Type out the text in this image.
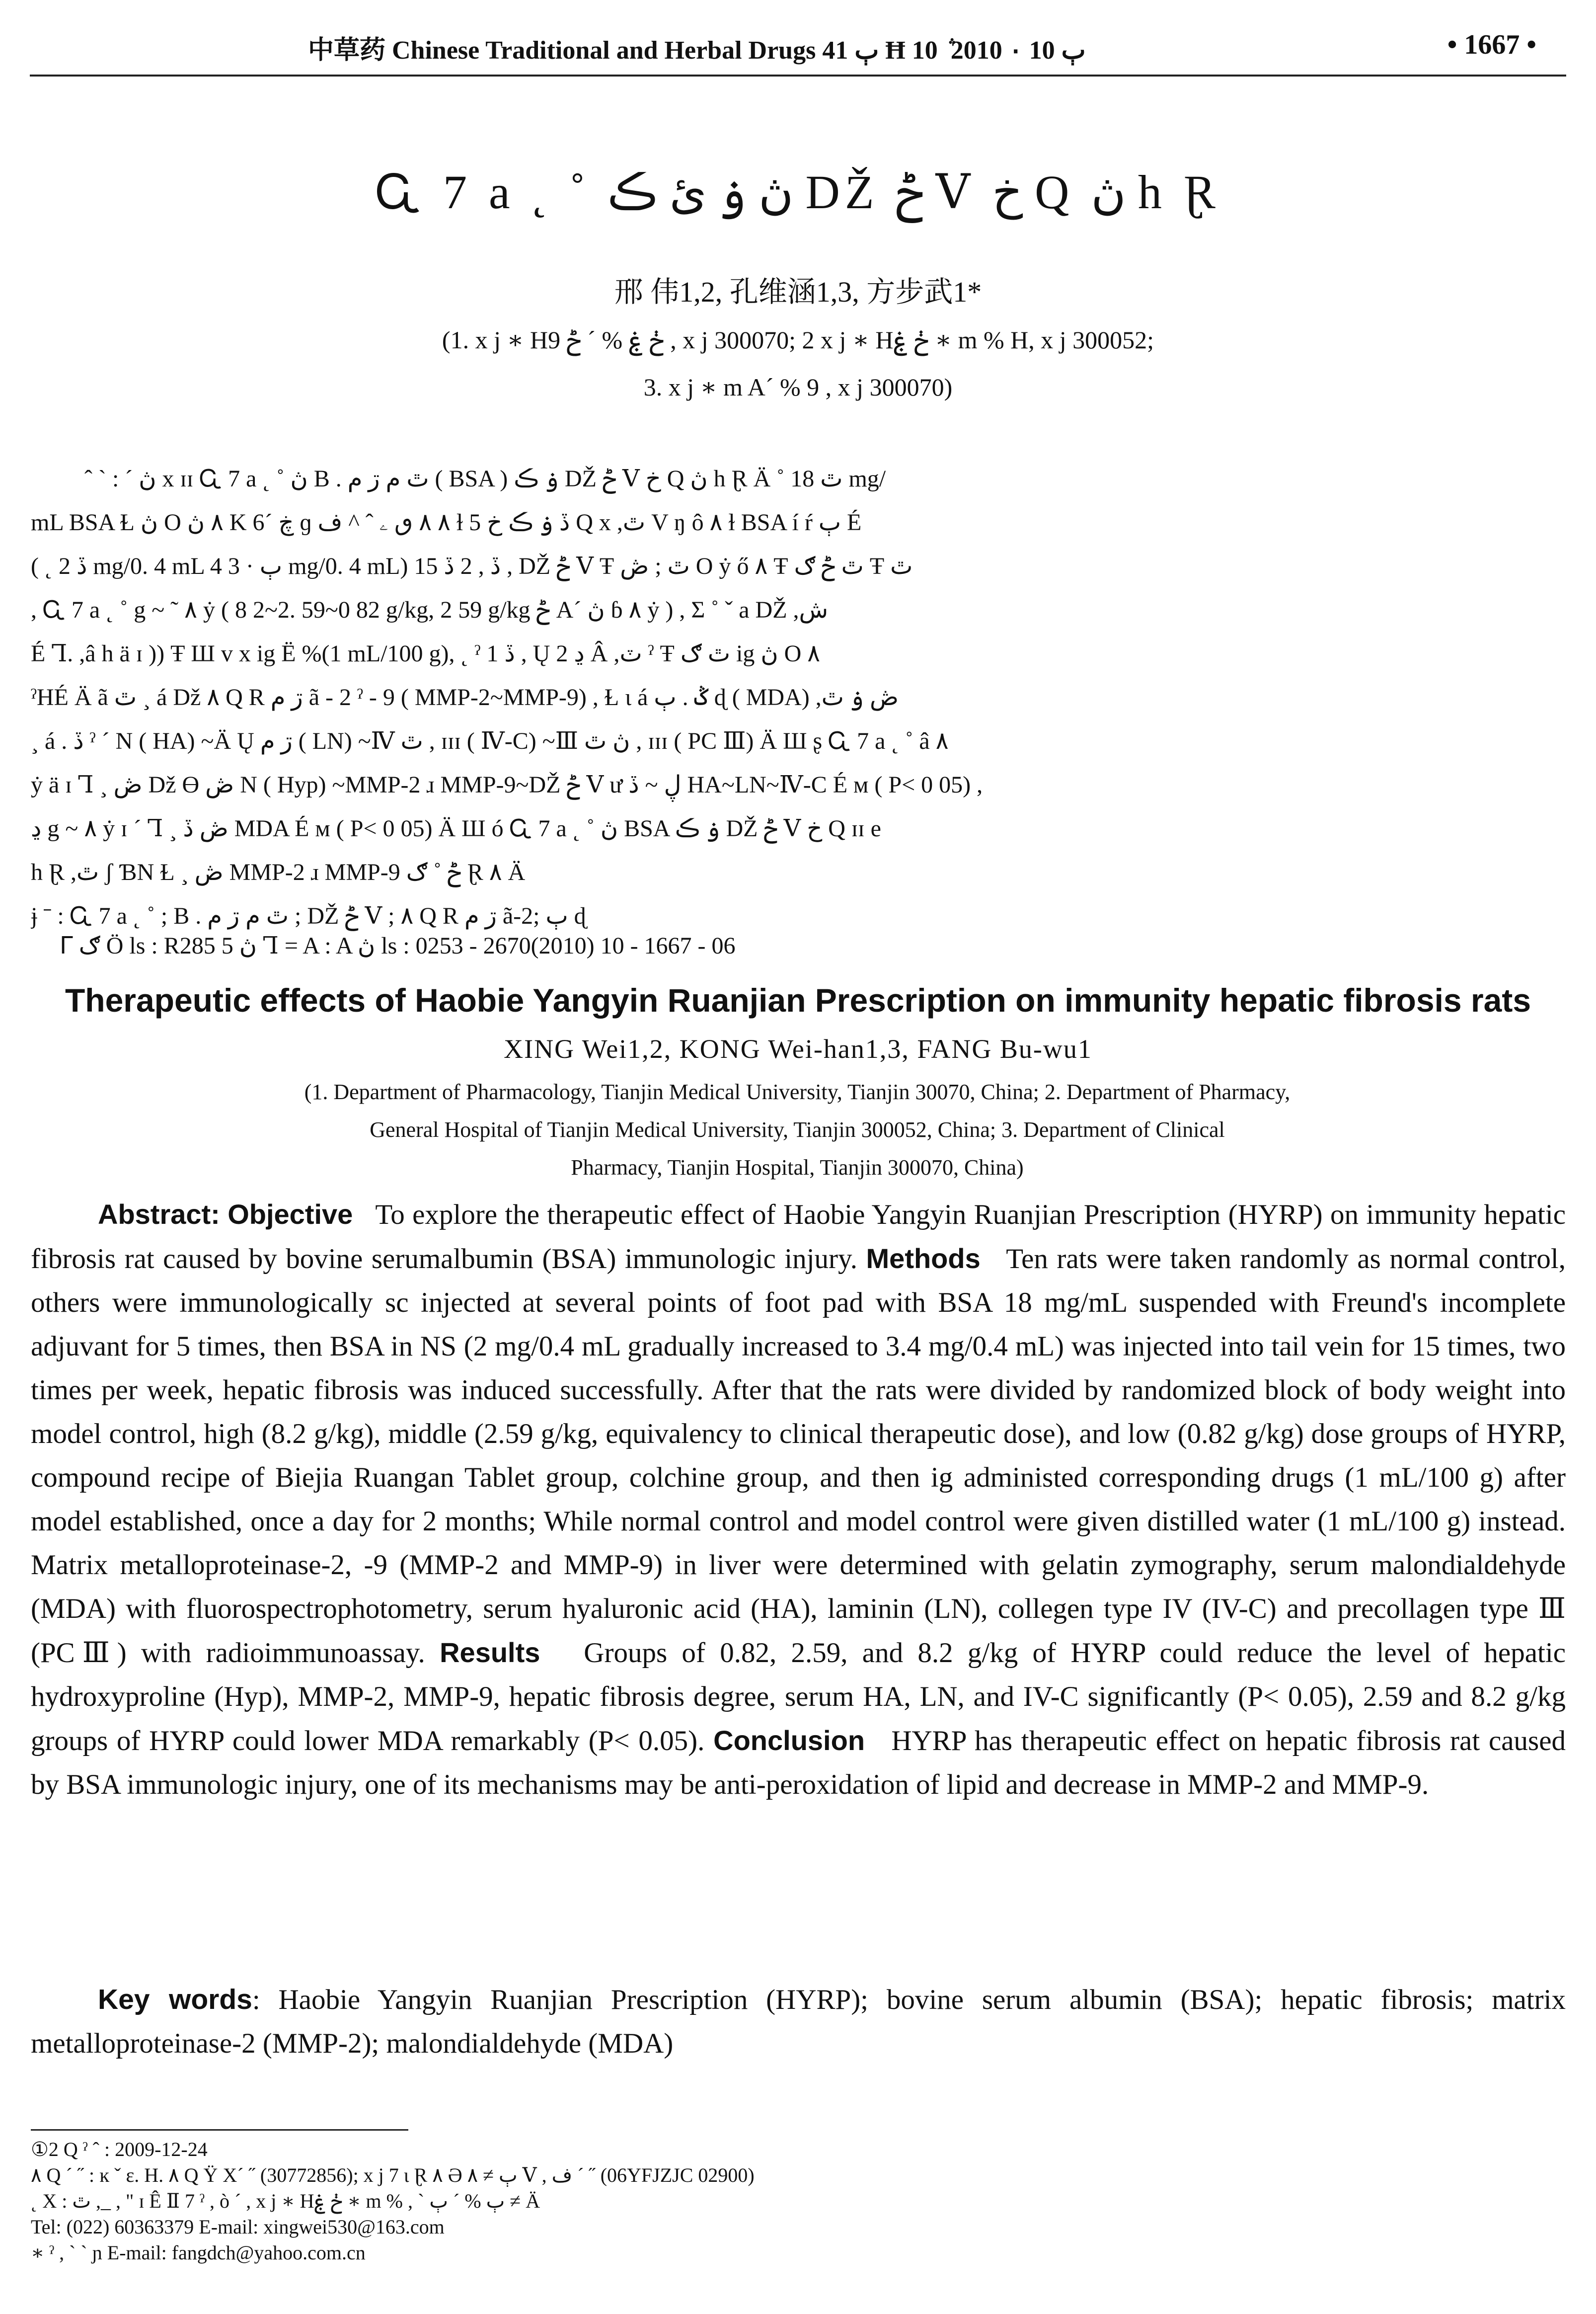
中草药 Chinese Traditional and Herbal Drugs ٻ 41 Ħ ٻ 10 ۰ 2010 ݅ 10	• 1667 •
Ꮹ 7 a ˛ ˚ ڽ ۏ ئ ڪ DŽ ݲ Ⅴ خ Q ڽ h Ɽ
邢 伟1,2, 孔维涵1,3, 方步武1*
(1. x j ∗ Hڂ ۼ % ´ ݲ 9 , x j 300070; 2 x j ∗ Hڂ ۼ ∗ m % H, x j 300052;
3. x j ∗ m A´ % 9 , x j 300070)
ˆ ` : ´ ڽ x ɪɪ Ꮹ 7 a ˛ ˚ ڽ B . ٿ م ڗ م ( BSA ) ۏ ڪ DŽ ݲ Ⅴ خ Q ڽ h Ɽ Ä ˚ ٿ 18 mg/
mL BSA Ɫ ڽ O ٨ ڽ K 6´ ڿ ɡ ٨ ٨ ٯ ۦ ˆ ^ ف ɫ 5 ڏ ۏ ڪ خ Q x ,ٿ V ŋ ô ٨ ɫ BSA í ŕ ٻ É
( ˛ ڏ 2 mg/0. 4 mL ٻ · 3 4 mg/0. 4 mL) 15 ڏ , 2 ڏ , DŽ ݲ Ⅴ Ŧ ٿ ; ڞ O ẏ ő ٨ Ŧ ٿ ݲ ګ Ŧ ٿ
, Ꮹ 7 a ˛ ˚ g ~ ˜ ٨ ẏ ( 8 2~2. 59~0 82 g/kg, 2 59 g/kg ݲ A´ ڽ ɓ ٨ ẏ ) , Σ ˚ ˇ a DŽ ,ش
É Ꞁ. ,â h ä ɪ )) Ŧ Ш v x ig Ë %(1 mL/100 g), ˛ ˀ 1 ڏ , Ų ڍ 2 Â ,ٽ ˀ Ŧ ٿ ګ ig ڽ O ٨
ˀHÉ Ä ã ٿ ¸ á Dž ٨ Q R ڗ م ã - 2 ˀ - 9 ( MMP-2~MMP-9) , Ɫ ɩ á ݣ . ٻ ɖ ( MDA) ,ڞ ۏ ٿ
¸ á . ڏ ˀ ´ N ( HA) ~Ä Ų ڗ م ( LN) ~Ⅳ ٿ , ɪɪɪ ( Ⅳ-C) ~Ⅲ ڽ ٿ , ɪɪɪ ( PC Ⅲ) Ä Ш ʂ Ꮹ 7 a ˛ ˚ â ٨
ẏ ä ɪ Ꞁ ¸ ڞ Dž Ɵ ڞ N ( Hyp) ~MMP-2 ɹ MMP-9~DŽ ݲ Ⅴ ư ڸ ~ ڏ HA~LN~Ⅳ-C É м ( P< 0 05) ,
ڍ g ~ ٨ ẏ ɪ ´ Ꞁ ¸ ڞ ڏ MDA É м ( P< 0 05) Ä Ш ó Ꮹ 7 a ˛ ˚ ڽ BSA ۏ ڪ DŽ ݲ Ⅴ خ Q ɪɪ e
h Ɽ ,ٿ ʃ ƁN Ɫ ¸ ڞ MMP-2 ɹ MMP-9 ݲ ˚ ګ Ɽ ٨ Ä
ɉ ˉ : Ꮹ 7 a ˛ ˚ ; B . ٿ م ڗ م ; DŽ ݲ Ⅴ ; ٨ Q R ڗ م ã-2; ٻ ɖ
ᒥ ګ Ö ls : R285 5 ڽ Ꞁ = A : A ڽ ls : 0253 - 2670(2010) 10 - 1667 - 06
Therapeutic effects of Haobie Yangyin Ruanjian Prescription on immunity hepatic fibrosis rats
XING Wei1,2, KONG Wei-han1,3, FANG Bu-wu1
(1. Department of Pharmacology, Tianjin Medical University, Tianjin 30070, China; 2. Department of Pharmacy,
General Hospital of Tianjin Medical University, Tianjin 300052, China; 3. Department of Clinical
Pharmacy, Tianjin Hospital, Tianjin 300070, China)
Abstract: Objective To explore the therapeutic effect of Haobie Yangyin Ruanjian Prescription (HYRP) on immunity hepatic fibrosis rat caused by bovine serumalbumin (BSA) immunologic injury. Methods Ten rats were taken randomly as normal control, others were immunologically sc injected at several points of foot pad with BSA 18 mg/mL suspended with Freund's incomplete adjuvant for 5 times, then BSA in NS (2 mg/0.4 mL gradually increased to 3.4 mg/0.4 mL) was injected into tail vein for 15 times, two times per week, hepatic fibrosis was induced successfully. After that the rats were divided by randomized block of body weight into model control, high (8.2 g/kg), middle (2.59 g/kg, equivalency to clinical therapeutic dose), and low (0.82 g/kg) dose groups of HYRP, compound recipe of Biejia Ruangan Tablet group, colchine group, and then ig administed corresponding drugs (1 mL/100 g) after model established, once a day for 2 months; While normal control and model control were given distilled water (1 mL/100 g) instead. Matrix metalloproteinase-2, -9 (MMP-2 and MMP-9) in liver were determined with gelatin zymography, serum malondialdehyde (MDA) with fluorospectrophotometry, serum hyaluronic acid (HA), laminin (LN), collegen type IV (IV-C) and precollagen type Ⅲ (PCⅢ) with radioimmunoassay. Results Groups of 0.82, 2.59, and 8.2 g/kg of HYRP could reduce the level of hepatic hydroxyproline (Hyp), MMP-2, MMP-9, hepatic fibrosis degree, serum HA, LN, and IV-C significantly (P< 0.05), 2.59 and 8.2 g/kg groups of HYRP could lower MDA remarkably (P< 0.05). Conclusion HYRP has therapeutic effect on hepatic fibrosis rat caused by BSA immunologic injury, one of its mechanisms may be anti-peroxidation of lipid and decrease in MMP-2 and MMP-9.
Key words: Haobie Yangyin Ruanjian Prescription (HYRP); bovine serum albumin (BSA); hepatic fibrosis; matrix metalloproteinase-2 (MMP-2); malondialdehyde (MDA)
①2 Q ˀ ˆ : 2009-12-24
٨ Q ´ ˝ : ĸ ˇ ε. H. ٨ Q Ÿ X´ ˝ (30772856); x j 7 ɩ Ɽ ٨ Ə ٻ ≠ ٨ Ⅴ , ف ´ ˝ (06YFJZJC 02900)
˛ X : ٿ ,_ , " ɪ Ê Ⅱ 7 ˀ , ò ´ , x j ∗ Hڂ ۼ ∗ m % , ` ٻ % ´ ٻ ≠ Ä
Tel: (022) 60363379 E-mail: xingwei530@163.com
∗ ˀ , ˋ ˋ ɲ E-mail: fangdch@yahoo.com.cn
